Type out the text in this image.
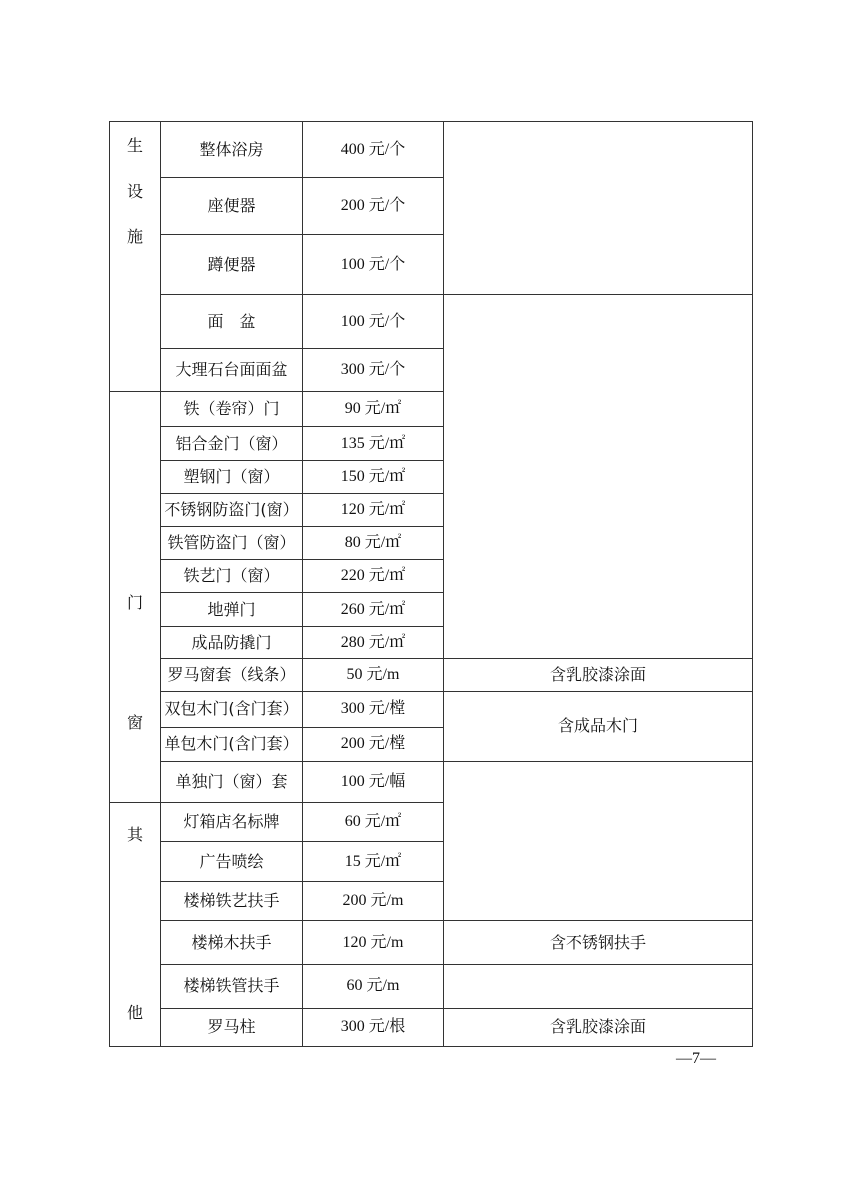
生
设
施	整体浴房	400 元/个	
	座便器	200 元/个	
	蹲便器	100 元/个	
	面　盆	100 元/个	
	大理石台面面盆	300 元/个	

门
窗	铁（卷帘）门	90 元/㎡	
	铝合金门（窗）	135 元/㎡	
	塑钢门（窗）	150 元/㎡	
	不锈钢防盗门(窗）	120 元/㎡	
	铁管防盗门（窗）	80 元/㎡	
	铁艺门（窗）	220 元/㎡	
	地弹门	260 元/㎡	
	成品防撬门	280 元/㎡	
	罗马窗套（线条）	50 元/m	含乳胶漆涂面
	双包木门(含门套）	300 元/樘	含成品木门
	单包木门(含门套）	200 元/樘	
	单独门（窗）套	100 元/幅	

其
他	灯箱店名标牌	60 元/㎡	
	广告喷绘	15 元/㎡	
	楼梯铁艺扶手	200 元/m	
	楼梯木扶手	120 元/m	含不锈钢扶手
	楼梯铁管扶手	60 元/m	
	罗马柱	300 元/根	含乳胶漆涂面
—7—
